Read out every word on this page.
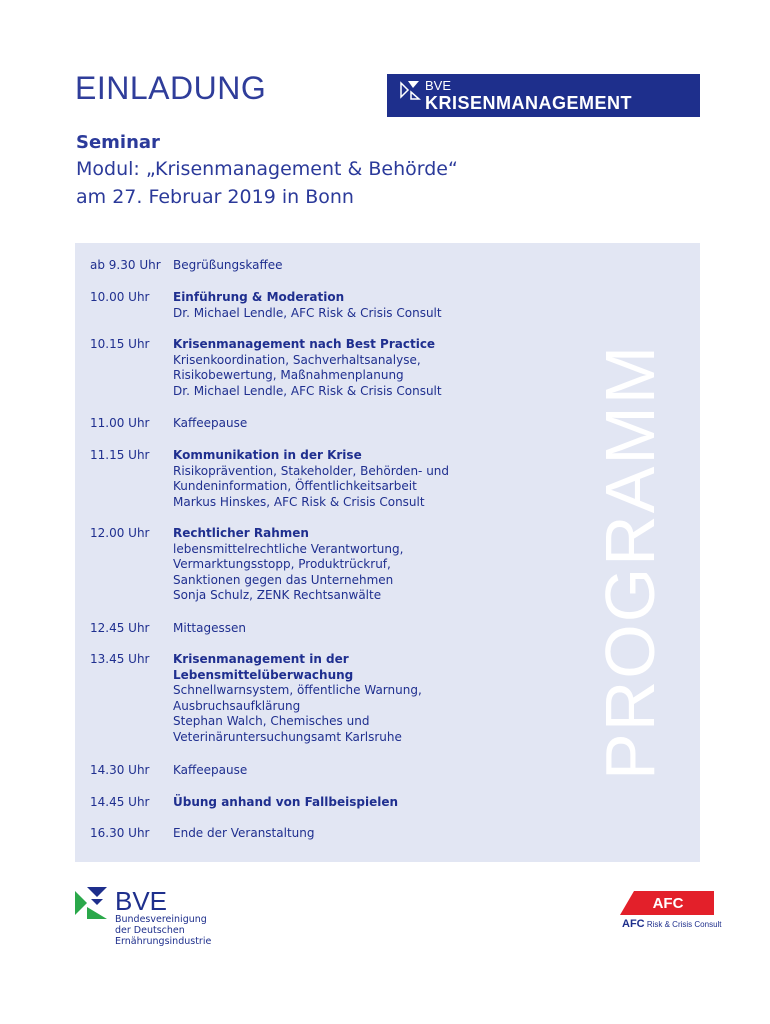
EINLADUNG	BVE
KRISENMANAGEMENT
Seminar
Modul: „Krisenmanagement & Behörde“
am 27. Februar 2019 in Bonn
PROGRAMM
ab 9.30 Uhr	Begrüßungskaffee
10.00 Uhr	Einführung & Moderation
Dr. Michael Lendle, AFC Risk & Crisis Consult
10.15 Uhr	Krisenmanagement nach Best Practice
Krisenkoordination, Sachverhaltsanalyse,
Risikobewertung, Maßnahmenplanung
Dr. Michael Lendle, AFC Risk & Crisis Consult
11.00 Uhr	Kaffeepause
11.15 Uhr	Kommunikation in der Krise
Risikoprävention, Stakeholder, Behörden- und
Kundeninformation, Öffentlichkeitsarbeit
Markus Hinskes, AFC Risk & Crisis Consult
12.00 Uhr	Rechtlicher Rahmen
lebensmittelrechtliche Verantwortung,
Vermarktungsstopp, Produktrückruf,
Sanktionen gegen das Unternehmen
Sonja Schulz, ZENK Rechtsanwälte
12.45 Uhr	Mittagessen
13.45 Uhr	Krisenmanagement in der
Lebensmittelüberwachung
Schnellwarnsystem, öffentliche Warnung,
Ausbruchsaufklärung
Stephan Walch, Chemisches und
Veterinäruntersuchungsamt Karlsruhe
14.30 Uhr	Kaffeepause
14.45 Uhr	Übung anhand von Fallbeispielen
16.30 Uhr	Ende der Veranstaltung
BVE
Bundesvereinigung
der Deutschen
Ernährungsindustrie
AFC
AFC Risk & Crisis Consult
